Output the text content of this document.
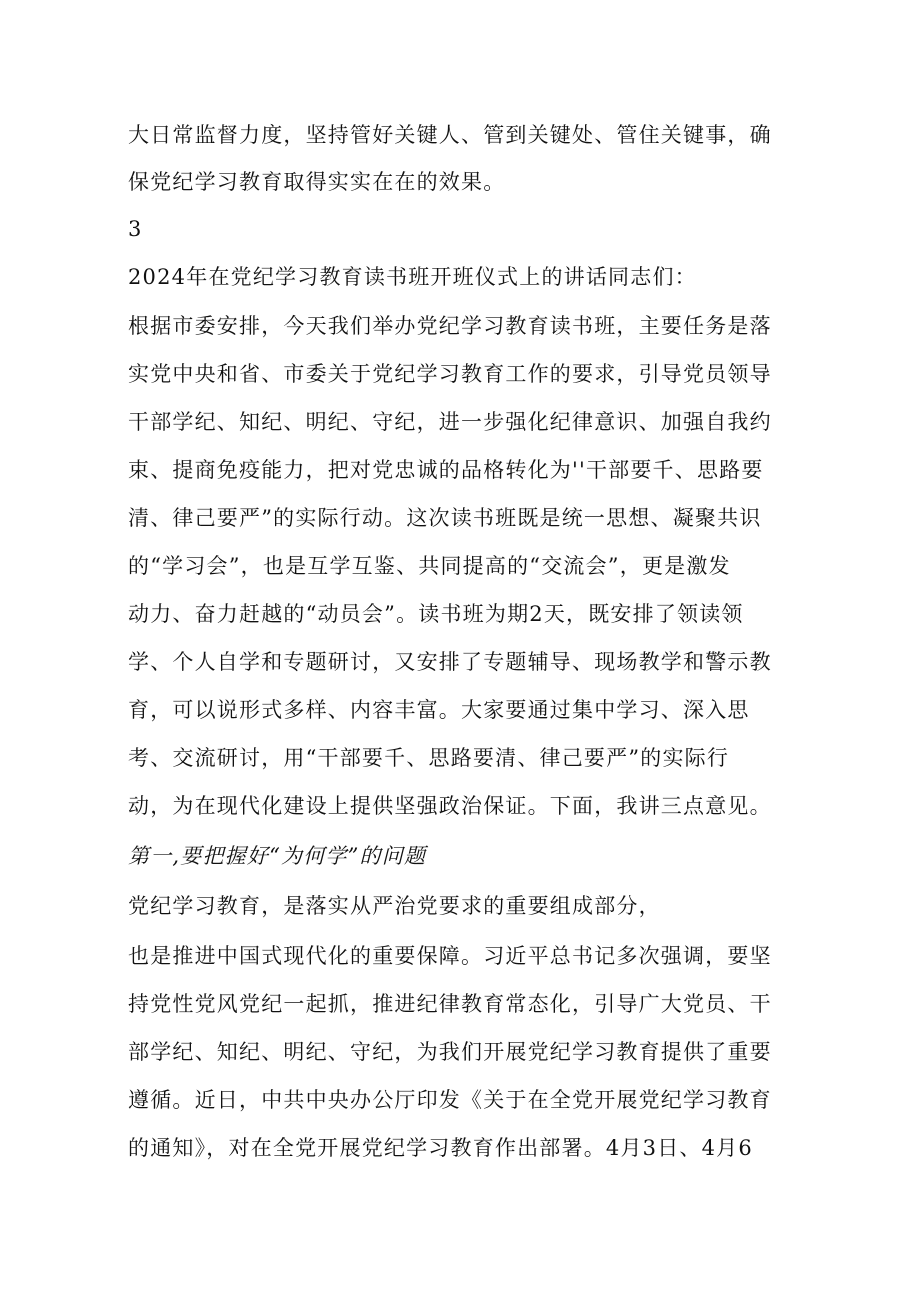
大日常监督力度，坚持管好关键人、管到关键处、管住关键事，确
保党纪学习教育取得实实在在的效果。
3
2024年在党纪学习教育读书班开班仪式上的讲话同志们：
根据市委安排，今天我们举办党纪学习教育读书班，主要任务是落
实党中央和省、市委关于党纪学习教育工作的要求，引导党员领导
干部学纪、知纪、明纪、守纪，进一步强化纪律意识、加强自我约
束、提商免疫能力，把对党忠诚的品格转化为''干部要千、思路要
清、律己要严”的实际行动。这次读书班既是统一思想、凝聚共识
的“学习会”，也是互学互鉴、共同提高的“交流会”，更是激发
动力、奋力赶越的“动员会”。读书班为期2天，既安排了领读领
学、个人自学和专题研讨，又安排了专题辅导、现场教学和警示教
育，可以说形式多样、内容丰富。大家要通过集中学习、深入思
考、交流研讨，用“干部要千、思路要清、律己要严”的实际行
动，为在现代化建设上提供坚强政治保证。下面，我讲三点意见。
第一,要把握好“为何学”的问题
党纪学习教育，是落实从严治党要求的重要组成部分，
也是推进中国式现代化的重要保障。习近平总书记多次强调，要坚
持党性党风党纪一起抓，推进纪律教育常态化，引导广大党员、干
部学纪、知纪、明纪、守纪，为我们开展党纪学习教育提供了重要
遵循。近日，中共中央办公厅印发《关于在全党开展党纪学习教育
的通知》，对在全党开展党纪学习教育作出部署。4月3日、4月6
